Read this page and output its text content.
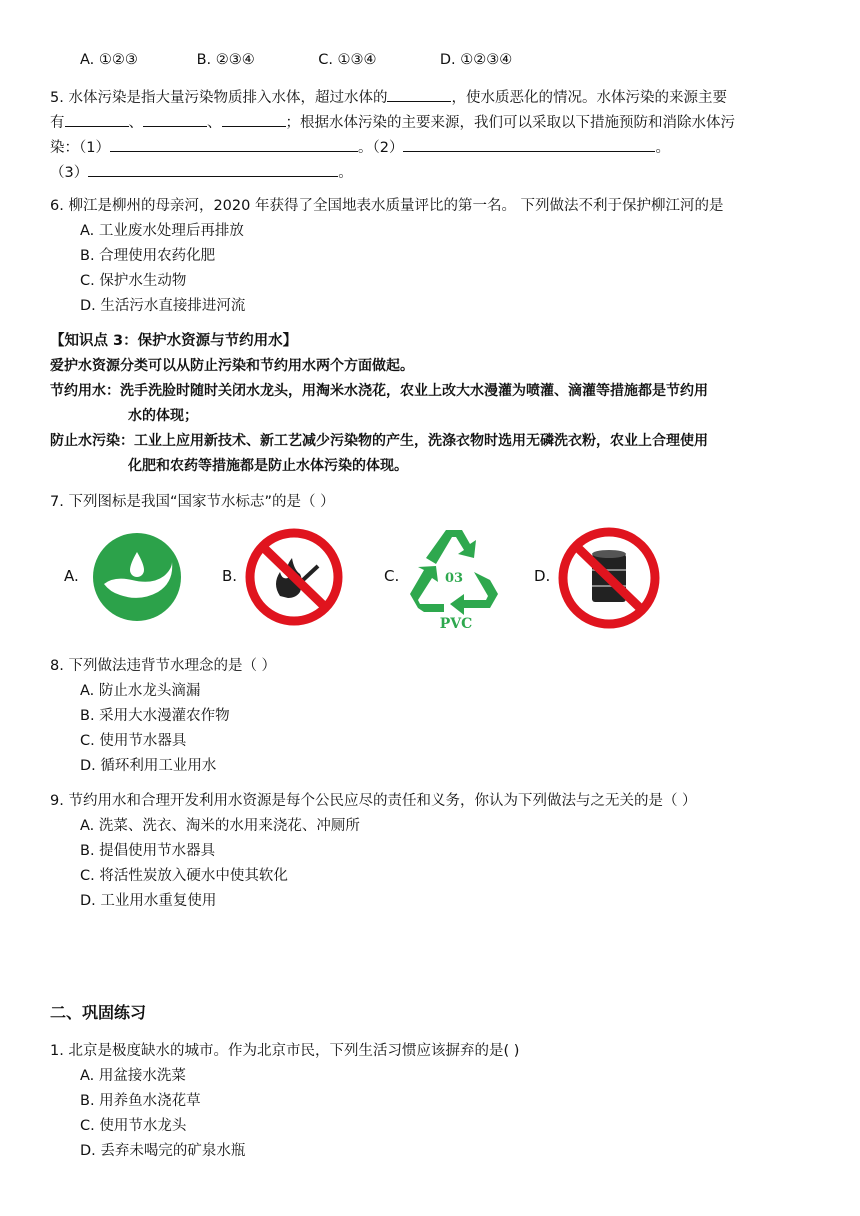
A. ①②③	B. ②③④	C. ①③④	D. ①②③④
5. 水体污染是指大量污染物质排入水体，超过水体的	，使水质恶化的情况。水体污染的来源主要
有	、	、	；根据水体污染的主要来源，我们可以采取以下措施预防和消除水体污
染：（1）	。（2）	。
（3）	。
6. 柳江是柳州的母亲河，2020 年获得了全国地表水质量评比的第一名。 下列做法不利于保护柳江河的是
A. 工业废水处理后再排放
B. 合理使用农药化肥
C. 保护水生动物
D. 生活污水直接排进河流
【知识点 3：保护水资源与节约用水】
爱护水资源分类可以从防止污染和节约用水两个方面做起。
节约用水：洗手洗脸时随时关闭水龙头，用淘米水浇花，农业上改大水漫灌为喷灌、滴灌等措施都是节约用
水的体现；
防止水污染：工业上应用新技术、新工艺减少污染物的产生，洗涤衣物时选用无磷洗衣粉，农业上合理使用
化肥和农药等措施都是防止水体污染的体现。
7. 下列图标是我国“国家节水标志”的是（ ）
A.	B.	C.	03
PVC
D.
8. 下列做法违背节水理念的是（ ）
A. 防止水龙头滴漏
B. 采用大水漫灌农作物
C. 使用节水器具
D. 循环利用工业用水
9. 节约用水和合理开发利用水资源是每个公民应尽的责任和义务，你认为下列做法与之无关的是（ ）
A. 洗菜、洗衣、淘米的水用来浇花、冲厕所
B. 提倡使用节水器具
C. 将活性炭放入硬水中使其软化
D. 工业用水重复使用
二、巩固练习
1. 北京是极度缺水的城市。作为北京市民，下列生活习惯应该摒弃的是( )
A. 用盆接水洗菜
B. 用养鱼水浇花草
C. 使用节水龙头
D. 丢弃未喝完的矿泉水瓶
